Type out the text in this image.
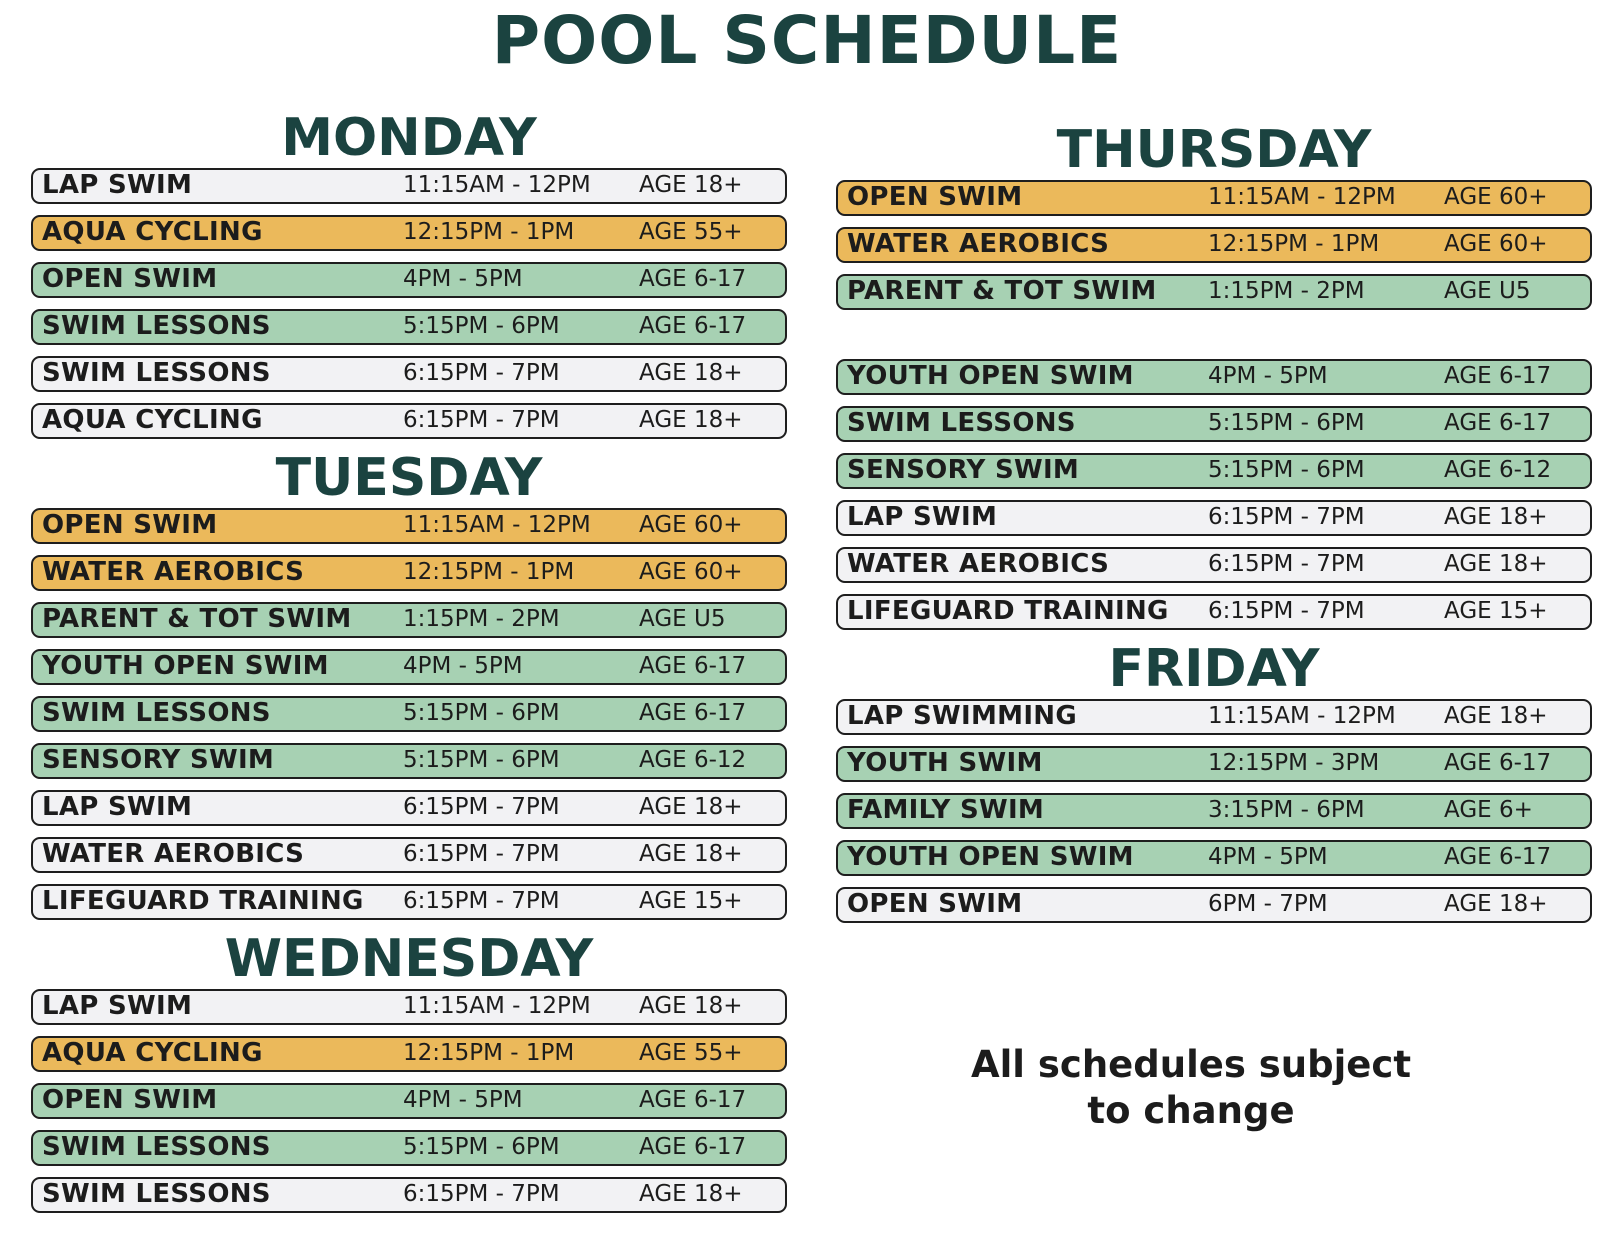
POOL SCHEDULE
MONDAY
LAP SWIM	11:15AM - 12PM AGE 18+
AQUA CYCLING	12:15PM - 1PM	AGE 55+
OPEN SWIM	4PM - 5PM	AGE 6-17
SWIM LESSONS	5:15PM - 6PM	AGE 6-17
SWIM LESSONS	6:15PM - 7PM	AGE 18+
AQUA CYCLING	6:15PM - 7PM	AGE 18+
TUESDAY
OPEN SWIM	11:15AM - 12PM AGE 60+
WATER AEROBICS	12:15PM - 1PM	AGE 60+
PARENT & TOT SWIM 1:15PM - 2PM	AGE U5
YOUTH OPEN SWIM	4PM - 5PM	AGE 6-17
SWIM LESSONS	5:15PM - 6PM	AGE 6-17
SENSORY SWIM	5:15PM - 6PM	AGE 6-12
LAP SWIM	6:15PM - 7PM	AGE 18+
WATER AEROBICS	6:15PM - 7PM	AGE 18+
LIFEGUARD TRAINING 6:15PM - 7PM	AGE 15+
WEDNESDAY
LAP SWIM	11:15AM - 12PM AGE 18+
AQUA CYCLING	12:15PM - 1PM	AGE 55+
OPEN SWIM	4PM - 5PM	AGE 6-17
SWIM LESSONS	5:15PM - 6PM	AGE 6-17
SWIM LESSONS	6:15PM - 7PM	AGE 18+
THURSDAY
OPEN SWIM	11:15AM - 12PM AGE 60+
WATER AEROBICS	12:15PM - 1PM	AGE 60+
PARENT & TOT SWIM 1:15PM - 2PM	AGE U5
YOUTH OPEN SWIM	4PM - 5PM	AGE 6-17
SWIM LESSONS	5:15PM - 6PM	AGE 6-17
SENSORY SWIM	5:15PM - 6PM	AGE 6-12
LAP SWIM	6:15PM - 7PM	AGE 18+
WATER AEROBICS	6:15PM - 7PM	AGE 18+
LIFEGUARD TRAINING 6:15PM - 7PM	AGE 15+
FRIDAY
LAP SWIMMING	11:15AM - 12PM AGE 18+
YOUTH SWIM	12:15PM - 3PM	AGE 6-17
FAMILY SWIM	3:15PM - 6PM	AGE 6+
YOUTH OPEN SWIM	4PM - 5PM	AGE 6-17
OPEN SWIM	6PM - 7PM	AGE 18+
All schedules subject to change
